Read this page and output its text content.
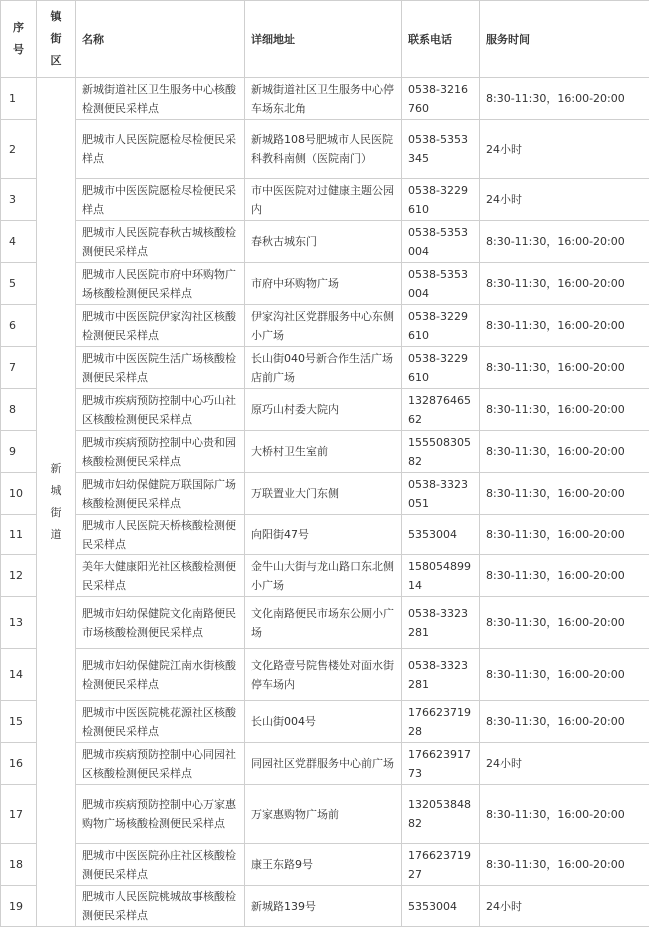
序号	镇街区	名称	详细地址	联系电话	服务时间
1	新城街道	新城街道社区卫生服务中心核酸检测便民采样点	新城街道社区卫生服务中心停车场东北角	0538-3216760	8:30-11:30，16:00-20:00
2		肥城市人民医院愿检尽检便民采样点	新城路108号肥城市人民医院科教科南侧（医院南门）	0538-5353345	24小时
3		肥城市中医医院愿检尽检便民采样点	市中医医院对过健康主题公园内	0538-3229610	24小时
4		肥城市人民医院春秋古城核酸检测便民采样点	春秋古城东门	0538-5353004	8:30-11:30，16:00-20:00
5		肥城市人民医院市府中环购物广场核酸检测便民采样点	市府中环购物广场	0538-5353004	8:30-11:30，16:00-20:00
6		肥城市中医医院伊家沟社区核酸检测便民采样点	伊家沟社区党群服务中心东侧小广场	0538-3229610	8:30-11:30，16:00-20:00
7		肥城市中医医院生活广场核酸检测便民采样点	长山街040号新合作生活广场店前广场	0538-3229610	8:30-11:30，16:00-20:00
8		肥城市疾病预防控制中心巧山社区核酸检测便民采样点	原巧山村委大院内	13287646562	8:30-11:30，16:00-20:00
9		肥城市疾病预防控制中心贵和园核酸检测便民采样点	大桥村卫生室前	15550830582	8:30-11:30，16:00-20:00
10		肥城市妇幼保健院万联国际广场核酸检测便民采样点	万联置业大门东侧	0538-3323051	8:30-11:30，16:00-20:00
11		肥城市人民医院天桥核酸检测便民采样点	向阳街47号	5353004	8:30-11:30，16:00-20:00
12		美年大健康阳光社区核酸检测便民采样点	金牛山大街与龙山路口东北侧小广场	15805489914	8:30-11:30，16:00-20:00
13		肥城市妇幼保健院文化南路便民市场核酸检测便民采样点	文化南路便民市场东公厕小广场	0538-3323281	8:30-11:30，16:00-20:00
14		肥城市妇幼保健院江南水街核酸检测便民采样点	文化路壹号院售楼处对面水街停车场内	0538-3323281	8:30-11:30，16:00-20:00
15		肥城市中医医院桃花源社区核酸检测便民采样点	长山街004号	17662371928	8:30-11:30，16:00-20:00
16		肥城市疾病预防控制中心同园社区核酸检测便民采样点	同园社区党群服务中心前广场	17662391773	24小时
17		肥城市疾病预防控制中心万家惠购物广场核酸检测便民采样点	万家惠购物广场前	13205384882	8:30-11:30，16:00-20:00
18		肥城市中医医院孙庄社区核酸检测便民采样点	康王东路9号	17662371927	8:30-11:30，16:00-20:00
19		肥城市人民医院桃城故事核酸检测便民采样点	新城路139号	5353004	24小时
